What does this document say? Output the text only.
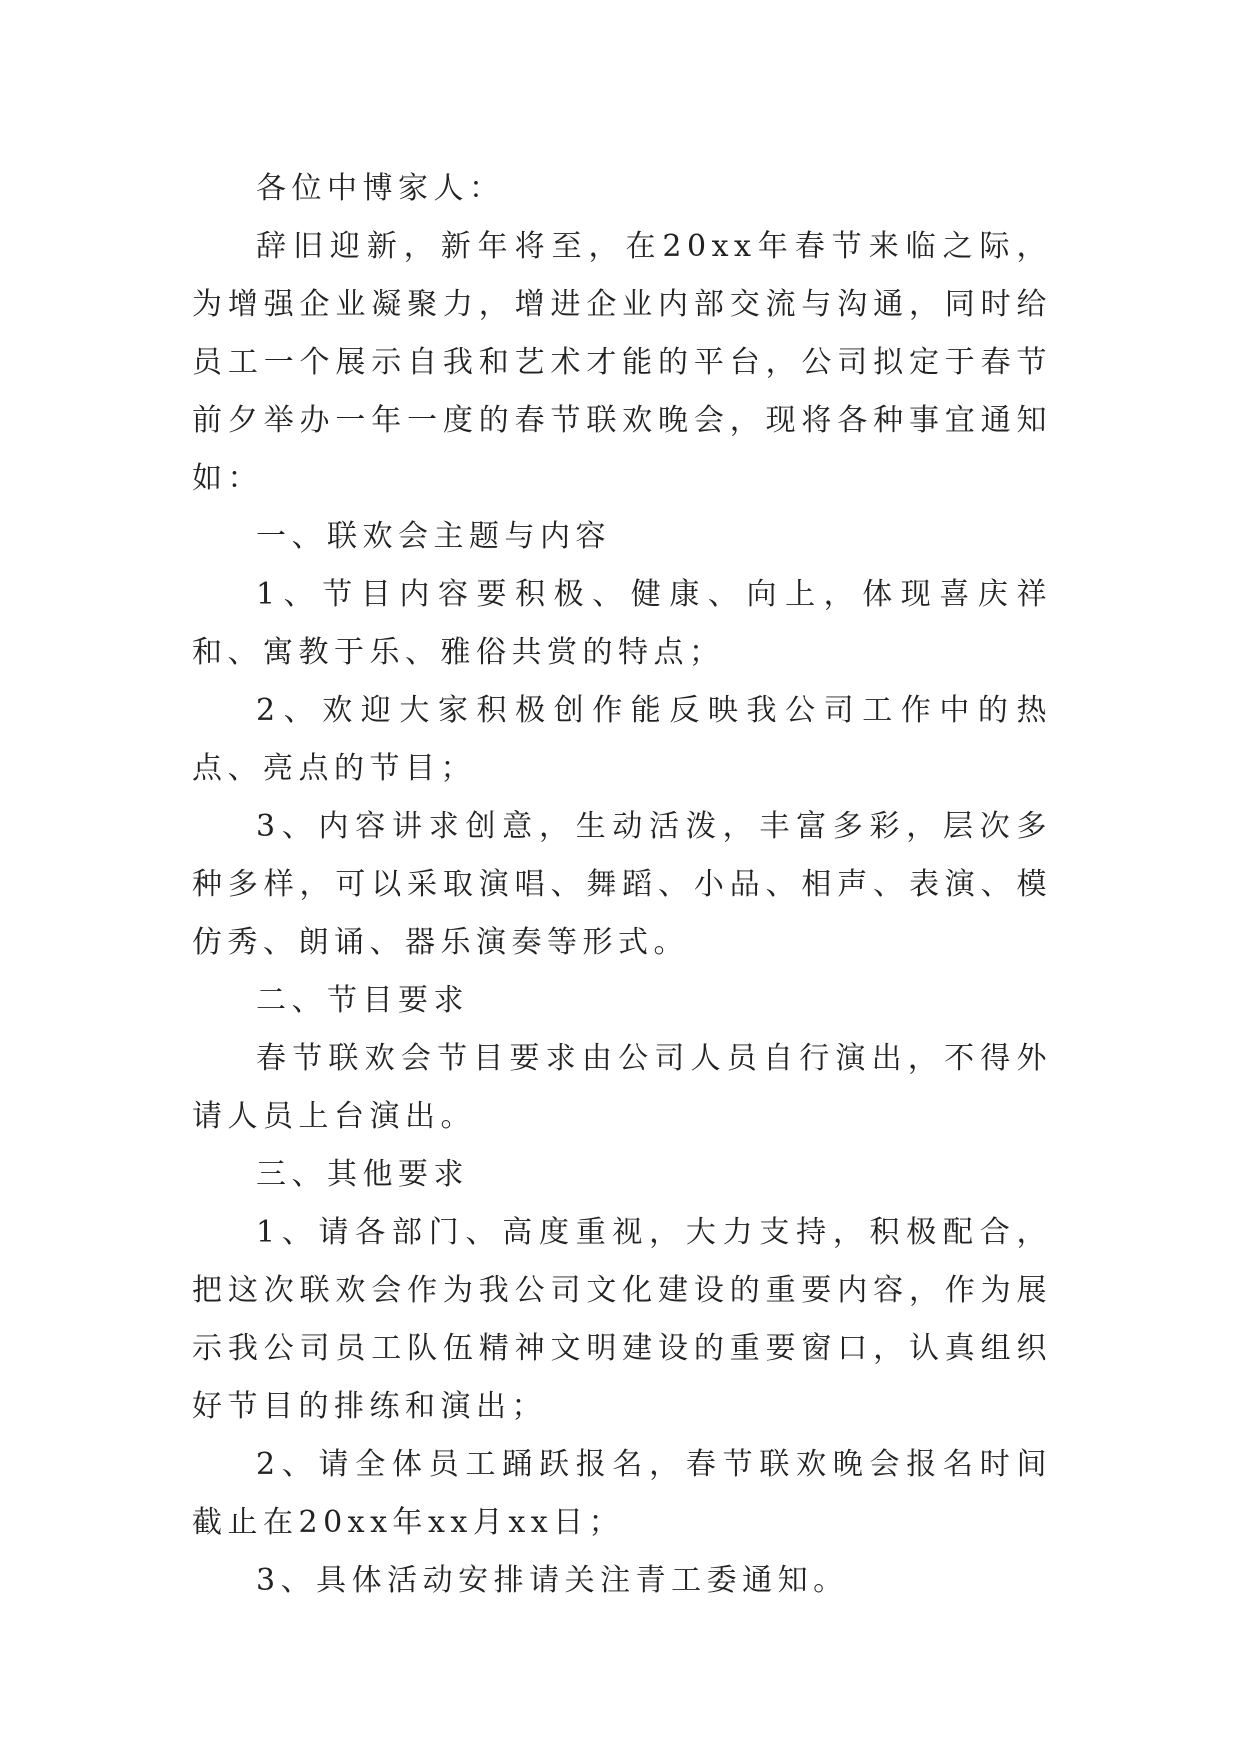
各位中博家人：

辞旧迎新，新年将至，在20xx年春节来临之际，为增强企业凝聚力，增进企业内部交流与沟通，同时给员工一个展示自我和艺术才能的平台，公司拟定于春节前夕举办一年一度的春节联欢晚会，现将各种事宜通知如：

一、联欢会主题与内容

1、节目内容要积极、健康、向上，体现喜庆祥和、寓教于乐、雅俗共赏的特点；

2、欢迎大家积极创作能反映我公司工作中的热点、亮点的节目；

3、内容讲求创意，生动活泼，丰富多彩，层次多种多样，可以采取演唱、舞蹈、小品、相声、表演、模仿秀、朗诵、器乐演奏等形式。

二、节目要求

春节联欢会节目要求由公司人员自行演出，不得外请人员上台演出。

三、其他要求

1、请各部门、高度重视，大力支持，积极配合，把这次联欢会作为我公司文化建设的重要内容，作为展示我公司员工队伍精神文明建设的重要窗口，认真组织好节目的排练和演出；

2、请全体员工踊跃报名，春节联欢晚会报名时间截止在20xx年xx月xx日；

3、具体活动安排请关注青工委通知。
